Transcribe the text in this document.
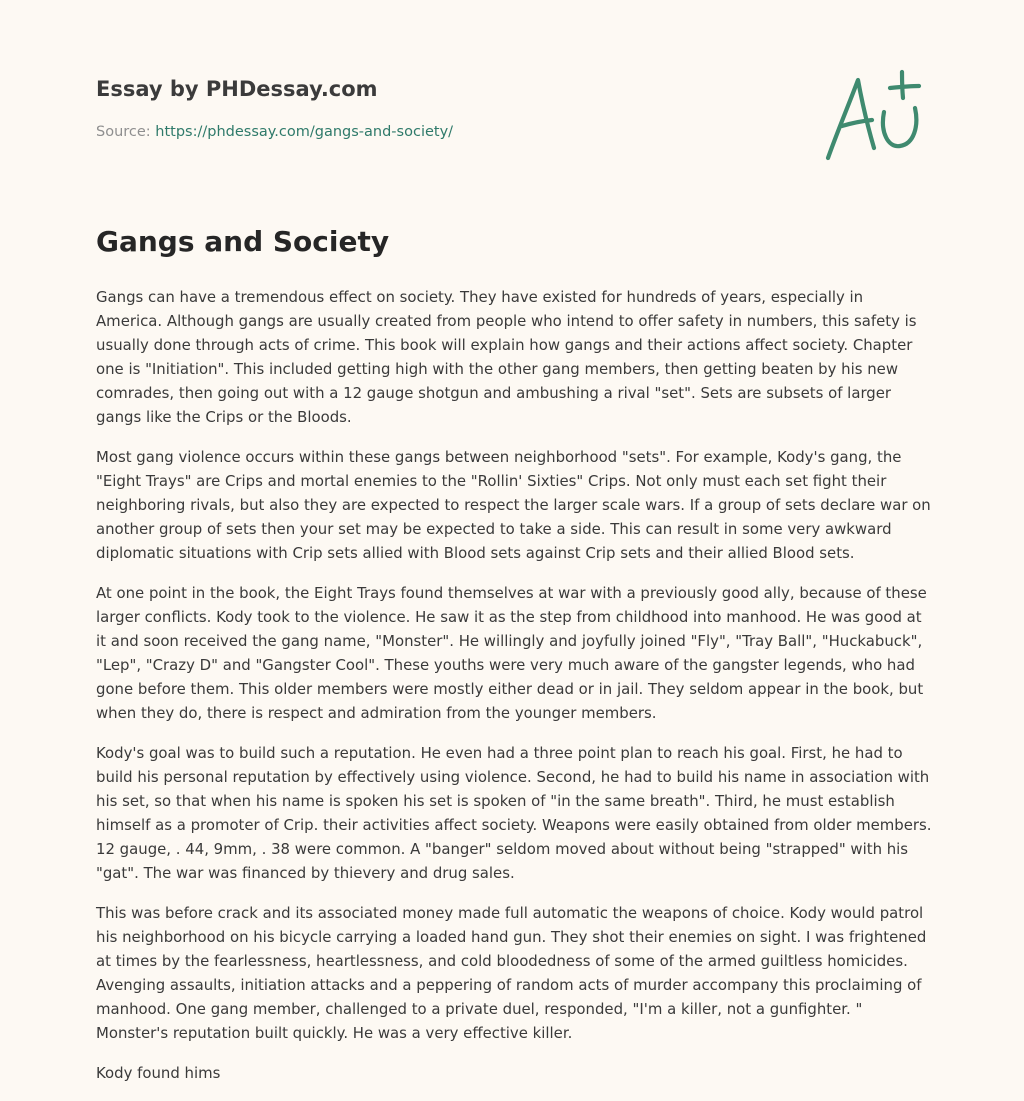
Essay by PHDessay.com
Source: https://phdessay.com/gangs-and-society/
Gangs and Society

Gangs can have a tremendous effect on society. They have existed for hundreds of years, especially in America. Although gangs are usually created from people who intend to offer safety in numbers, this safety is usually done through acts of crime. This book will explain how gangs and their actions affect society. Chapter one is "Initiation". This included getting high with the other gang members, then getting beaten by his new comrades, then going out with a 12 gauge shotgun and ambushing a rival "set". Sets are subsets of larger gangs like the Crips or the Bloods.

Most gang violence occurs within these gangs between neighborhood "sets". For example, Kody's gang, the "Eight Trays" are Crips and mortal enemies to the "Rollin' Sixties" Crips. Not only must each set fight their neighboring rivals, but also they are expected to respect the larger scale wars. If a group of sets declare war on another group of sets then your set may be expected to take a side. This can result in some very awkward diplomatic situations with Crip sets allied with Blood sets against Crip sets and their allied Blood sets.

At one point in the book, the Eight Trays found themselves at war with a previously good ally, because of these larger conflicts. Kody took to the violence. He saw it as the step from childhood into manhood. He was good at it and soon received the gang name, "Monster". He willingly and joyfully joined "Fly", "Tray Ball", "Huckabuck", "Lep", "Crazy D" and "Gangster Cool". These youths were very much aware of the gangster legends, who had gone before them. This older members were mostly either dead or in jail. They seldom appear in the book, but when they do, there is respect and admiration from the younger members.

Kody's goal was to build such a reputation. He even had a three point plan to reach his goal. First, he had to build his personal reputation by effectively using violence. Second, he had to build his name in association with his set, so that when his name is spoken his set is spoken of "in the same breath". Third, he must establish himself as a promoter of Crip. their activities affect society. Weapons were easily obtained from older members. 12 gauge, . 44, 9mm, . 38 were common. A "banger" seldom moved about without being "strapped" with his "gat". The war was financed by thievery and drug sales.

This was before crack and its associated money made full automatic the weapons of choice. Kody would patrol his neighborhood on his bicycle carrying a loaded hand gun. They shot their enemies on sight. I was frightened at times by the fearlessness, heartlessness, and cold bloodedness of some of the armed guiltless homicides. Avenging assaults, initiation attacks and a peppering of random acts of murder accompany this proclaiming of manhood. One gang member, challenged to a private duel, responded, "I'm a killer, not a gunfighter. " Monster's reputation built quickly. He was a very effective killer.

Kody found hims
